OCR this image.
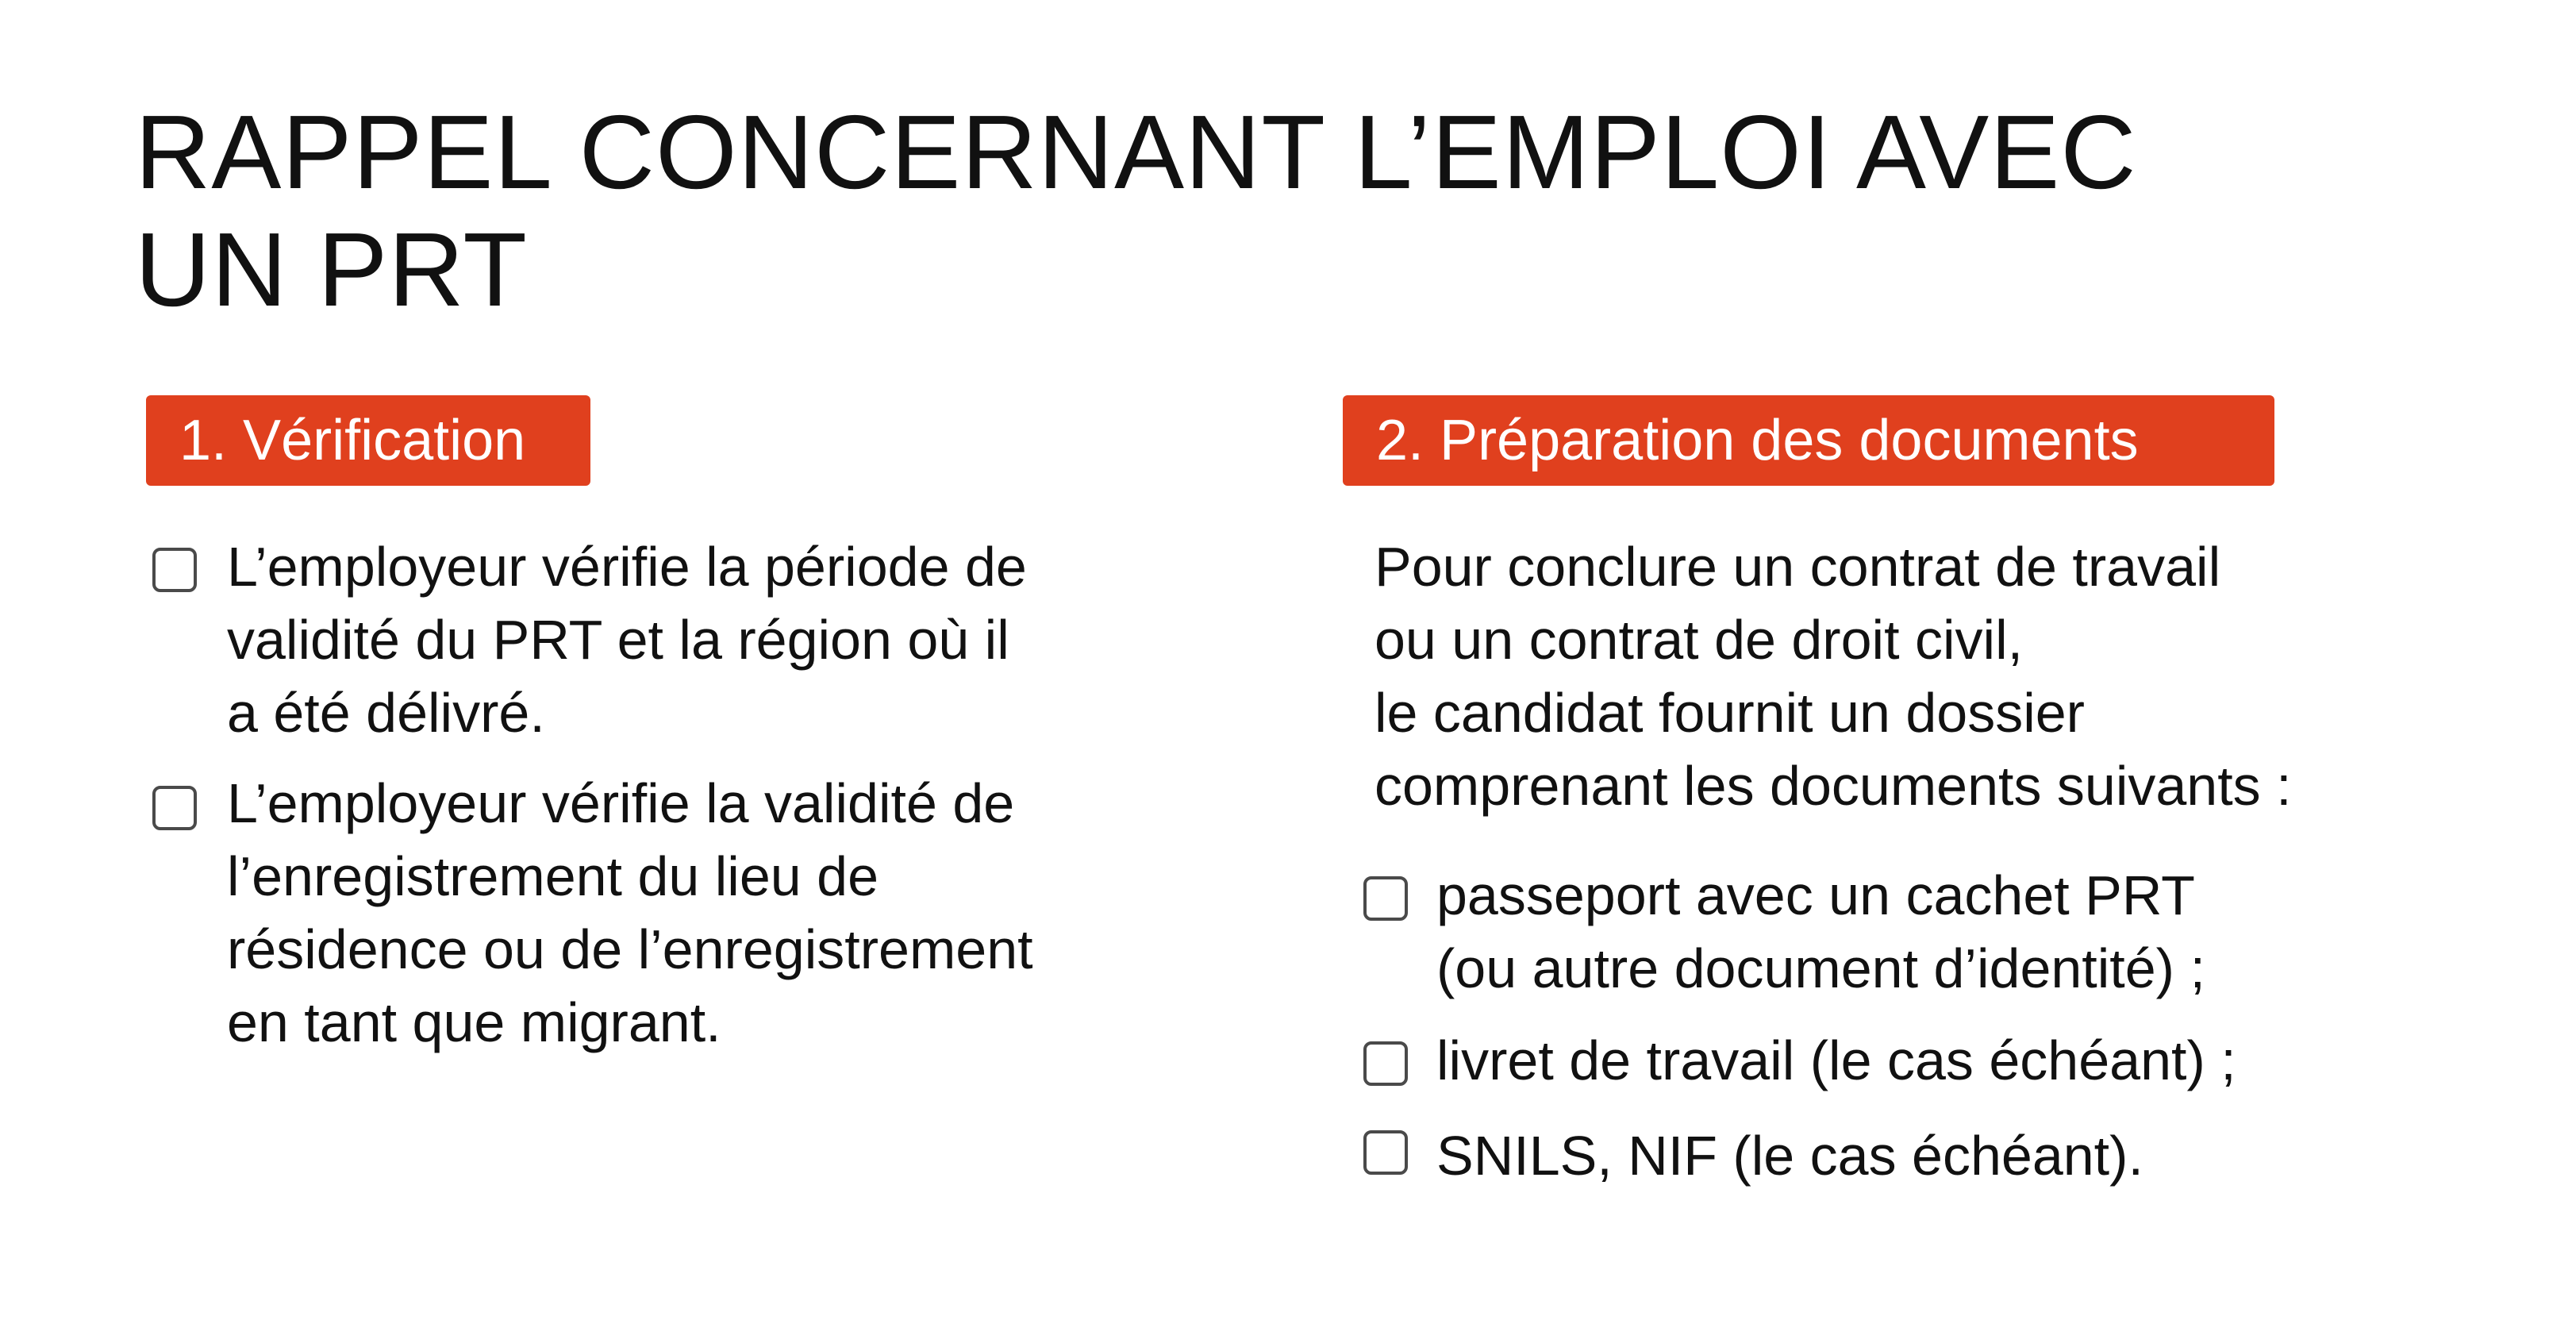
RAPPEL CONCERNANT L’EMPLOI AVEC
UN PRT
1. Vérification
L’employeur vérifie la période de
validité du PRT et la région où il
a été délivré.
L’employeur vérifie la validité de
l’enregistrement du lieu de
résidence ou de l’enregistrement
en tant que migrant.
2. Préparation des documents
Pour conclure un contrat de travail
ou un contrat de droit civil,
le candidat fournit un dossier
comprenant les documents suivants :
passeport avec un cachet PRT
(ou autre document d’identité) ;
livret de travail (le cas échéant) ;
SNILS, NIF (le cas échéant).
